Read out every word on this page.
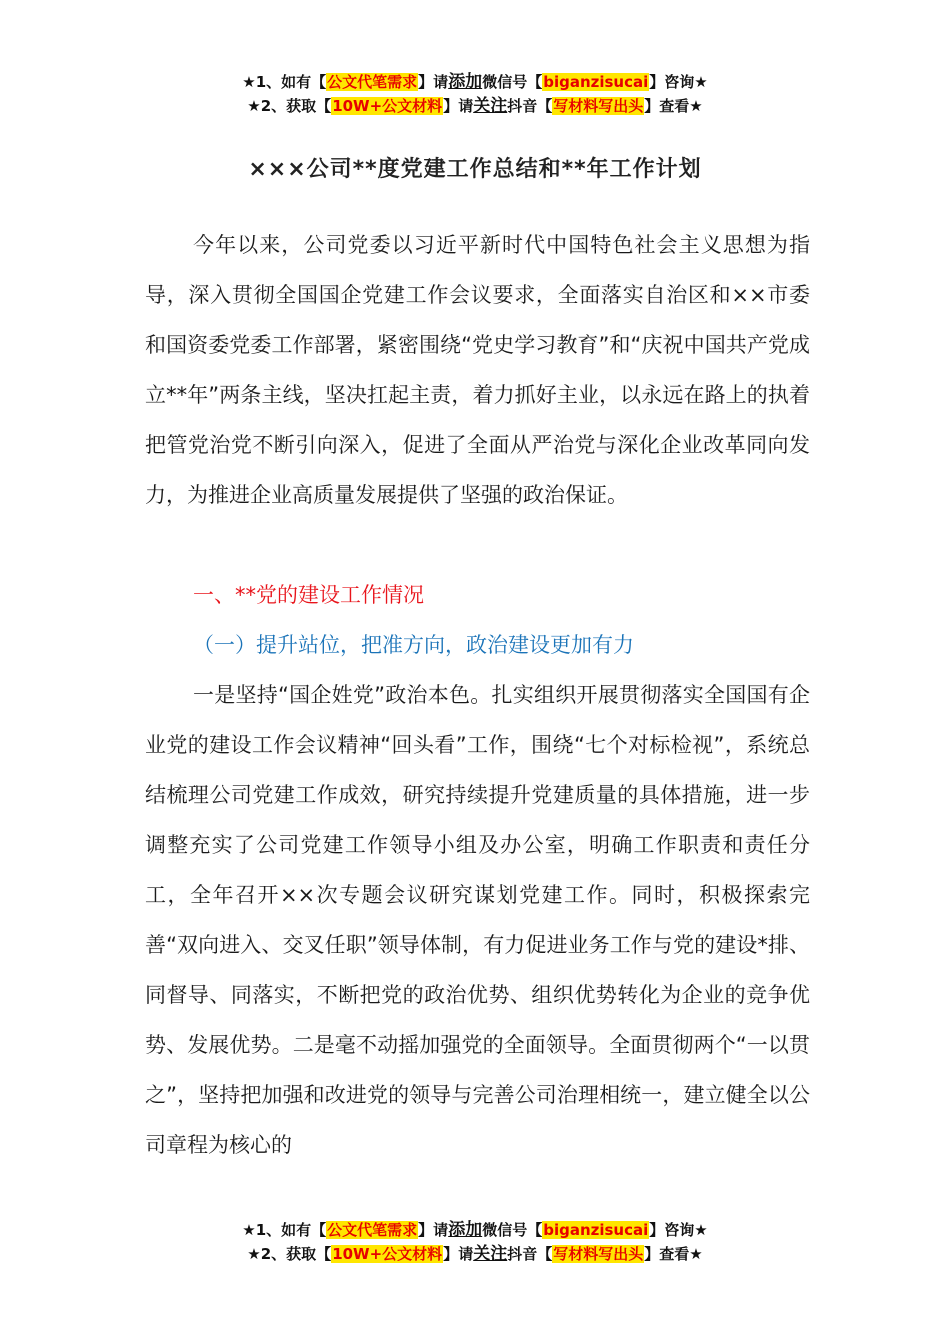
★1、如有【公文代笔需求】请添加微信号【biganzisucai】咨询★
★2、获取【10W+公文材料】请关注抖音【写材料写出头】查看★
×××公司**度党建工作总结和**年工作计划

今年以来，公司党委以习近平新时代中国特色社会主义思想为指导，深入贯彻全国国企党建工作会议要求，全面落实自治区和××市委和国资委党委工作部署，紧密围绕“党史学习教育”和“庆祝中国共产党成立**年”两条主线，坚决扛起主责，着力抓好主业，以永远在路上的执着把管党治党不断引向深入，促进了全面从严治党与深化企业改革同向发力，为推进企业高质量发展提供了坚强的政治保证。

一、**党的建设工作情况

（一）提升站位，把准方向，政治建设更加有力

一是坚持“国企姓党”政治本色。扎实组织开展贯彻落实全国国有企业党的建设工作会议精神“回头看”工作，围绕“七个对标检视”，系统总结梳理公司党建工作成效，研究持续提升党建质量的具体措施，进一步调整充实了公司党建工作领导小组及办公室，明确工作职责和责任分工，全年召开××次专题会议研究谋划党建工作。同时，积极探索完善“双向进入、交叉任职”领导体制，有力促进业务工作与党的建设*排、同督导、同落实，不断把党的政治优势、组织优势转化为企业的竞争优势、发展优势。二是毫不动摇加强党的全面领导。全面贯彻两个“一以贯之”，坚持把加强和改进党的领导与完善公司治理相统一，建立健全以公司章程为核心的

★1、如有【公文代笔需求】请添加微信号【biganzisucai】咨询★
★2、获取【10W+公文材料】请关注抖音【写材料写出头】查看★
